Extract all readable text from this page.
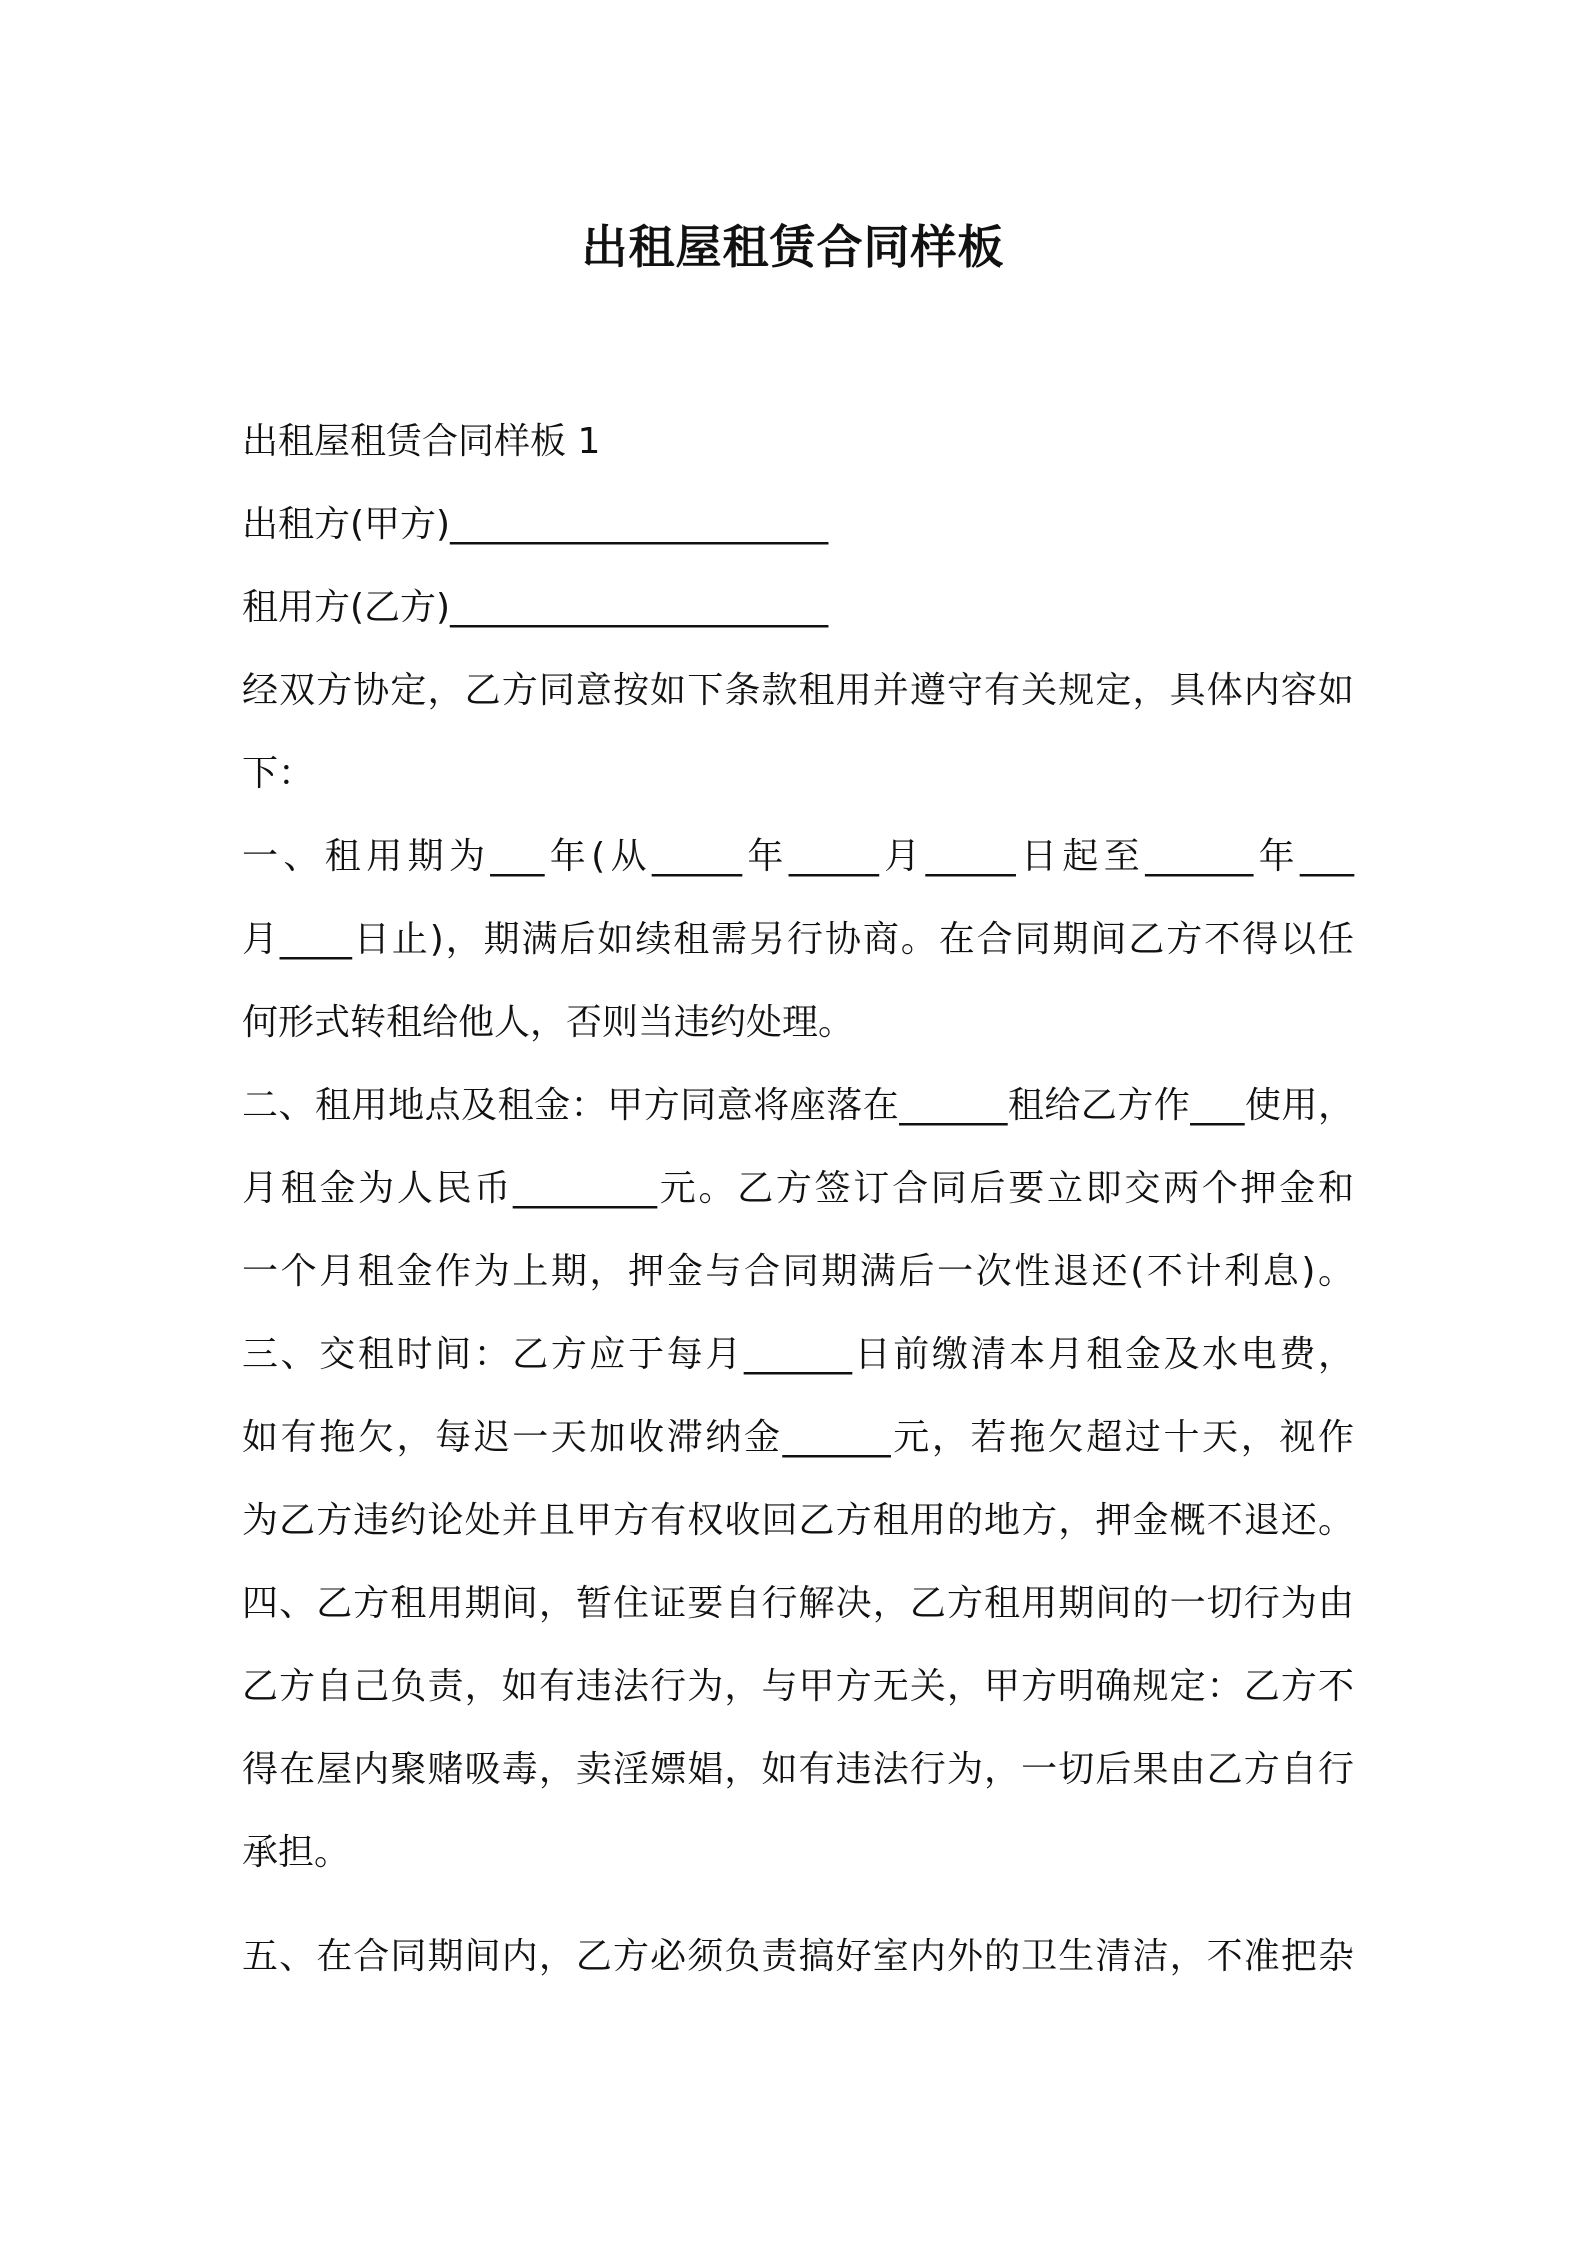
出租屋租赁合同样板
出租屋租赁合同样板 1
出租方(甲方)_____________________
租用方(乙方)_____________________
经双方协定，乙方同意按如下条款租用并遵守有关规定，具体内容如
下：
一、租用期为___年(从_____年_____月_____日起至______年___
月____日止)，期满后如续租需另行协商。在合同期间乙方不得以任
何形式转租给他人，否则当违约处理。
二、租用地点及租金：甲方同意将座落在______租给乙方作___使用，
月租金为人民币________元。乙方签订合同后要立即交两个押金和
一个月租金作为上期，押金与合同期满后一次性退还(不计利息)。
三、交租时间：乙方应于每月______日前缴清本月租金及水电费，
如有拖欠，每迟一天加收滞纳金______元，若拖欠超过十天，视作
为乙方违约论处并且甲方有权收回乙方租用的地方，押金概不退还。
四、乙方租用期间，暂住证要自行解决，乙方租用期间的一切行为由
乙方自己负责，如有违法行为，与甲方无关，甲方明确规定：乙方不
得在屋内聚赌吸毒，卖淫嫖娼，如有违法行为，一切后果由乙方自行
承担。
五、在合同期间内，乙方必须负责搞好室内外的卫生清洁，不准把杂
